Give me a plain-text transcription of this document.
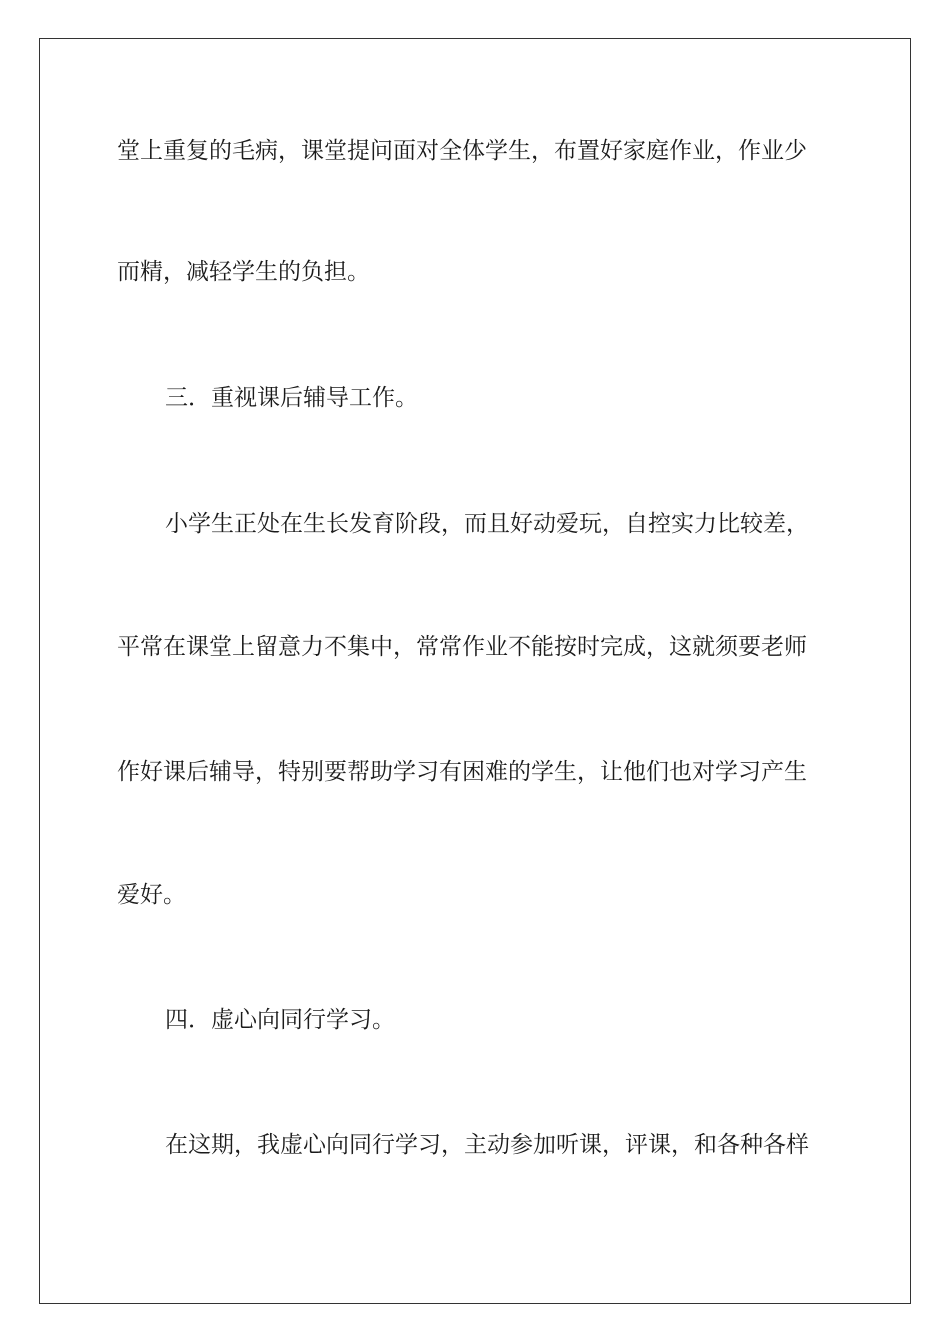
堂上重复的毛病，课堂提问面对全体学生，布置好家庭作业，作业少
而精，减轻学生的负担。
三．重视课后辅导工作。
小学生正处在生长发育阶段，而且好动爱玩，自控实力比较差，
平常在课堂上留意力不集中，常常作业不能按时完成，这就须要老师
作好课后辅导，特别要帮助学习有困难的学生，让他们也对学习产生
爱好。
四．虚心向同行学习。
在这期，我虚心向同行学习，主动参加听课，评课，和各种各样
